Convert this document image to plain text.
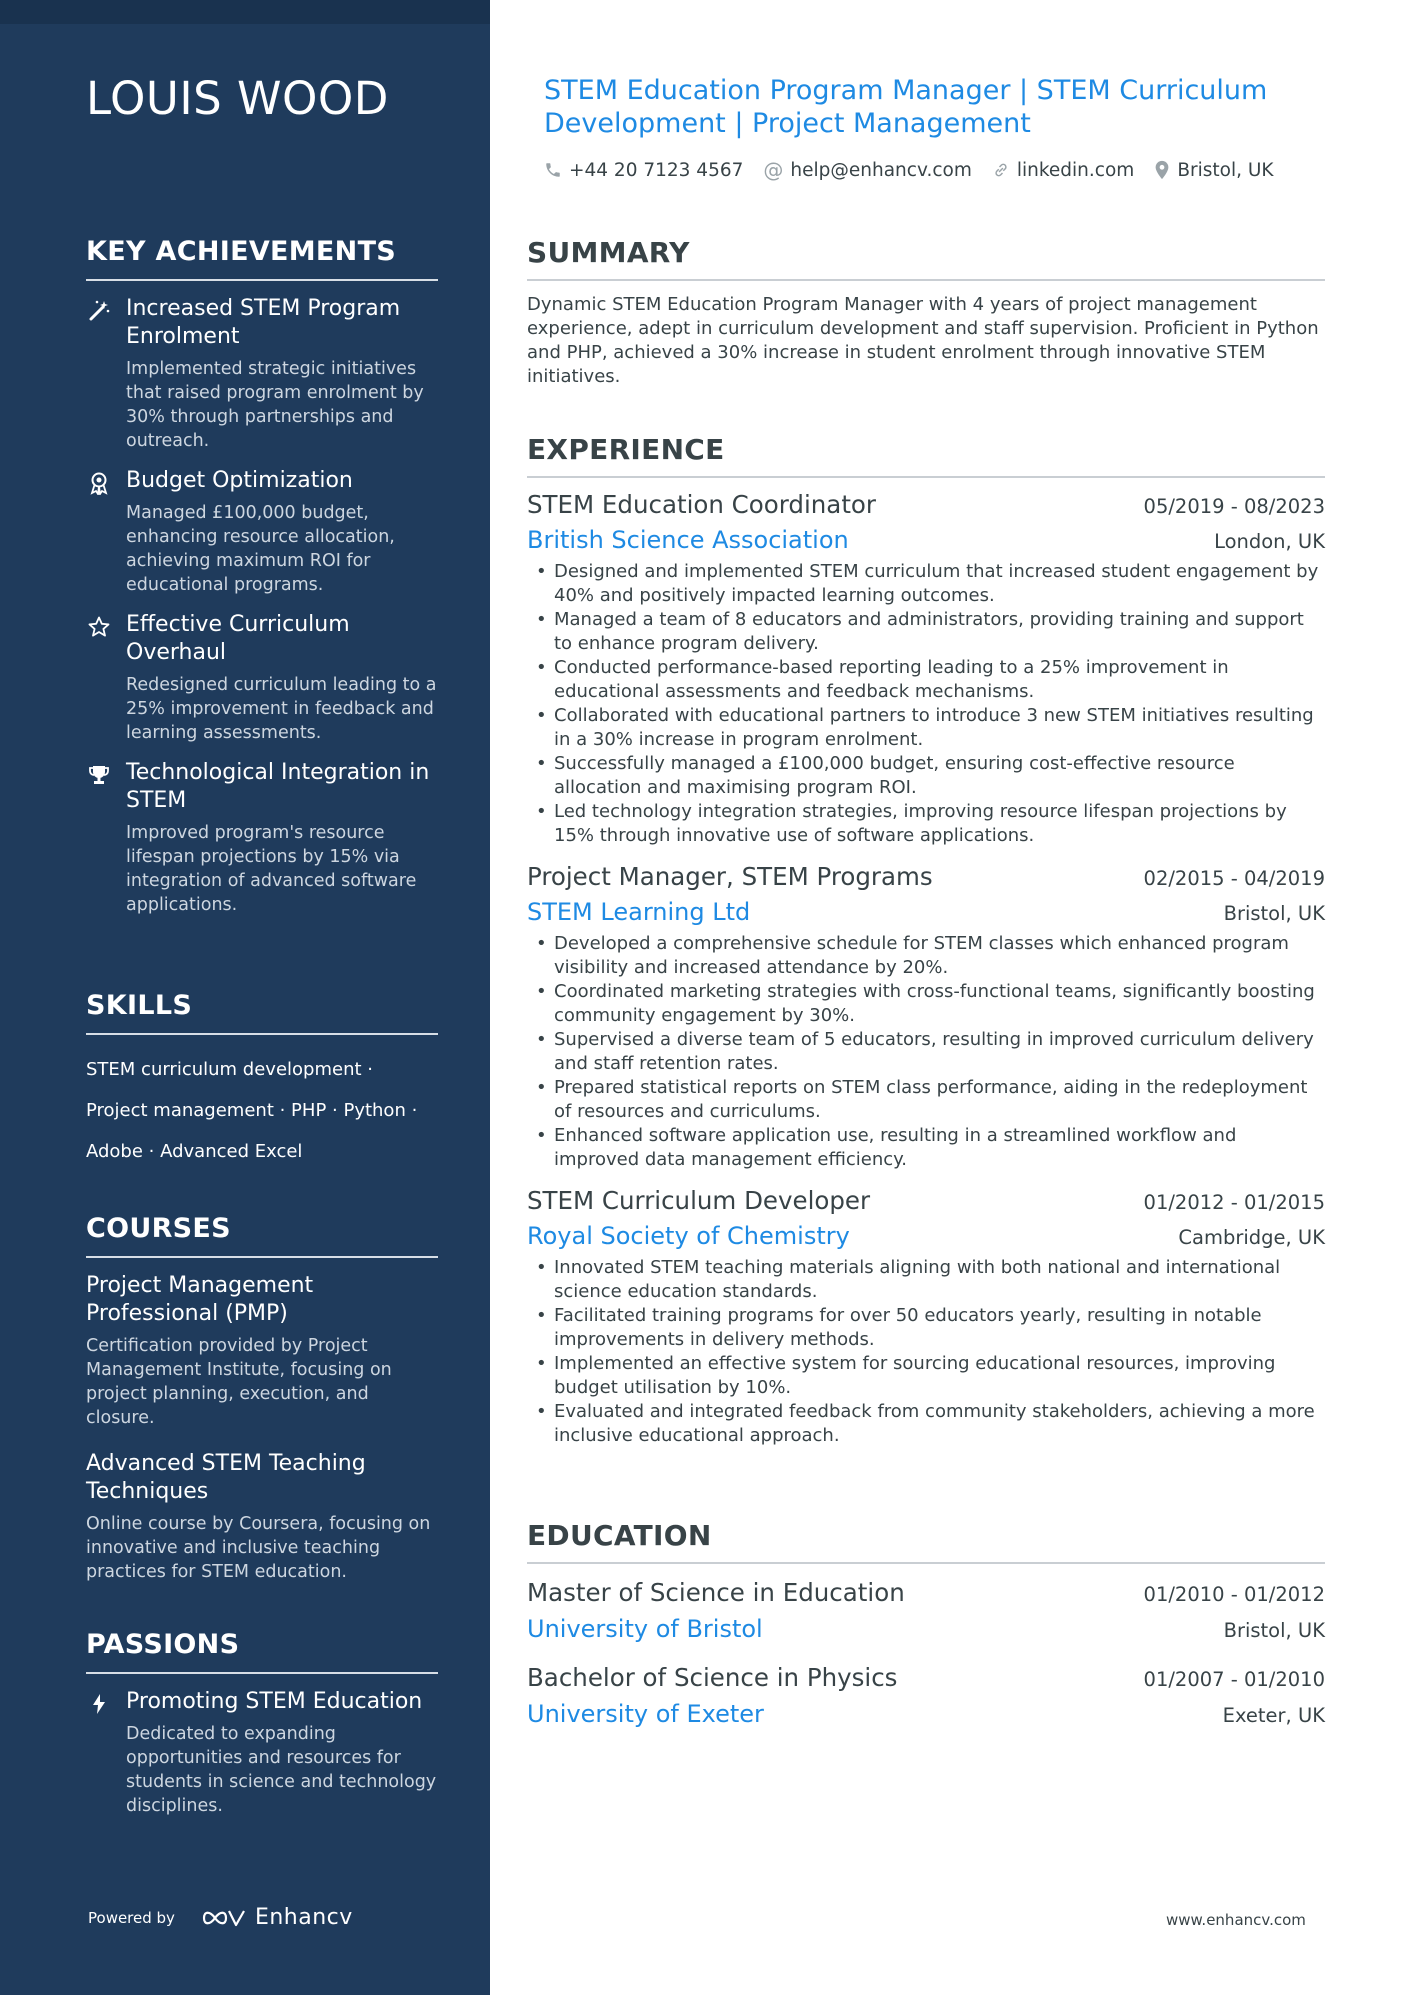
LOUIS WOOD
KEY ACHIEVEMENTS
Increased STEM Program Enrolment
Implemented strategic initiatives that raised program enrolment by 30% through partnerships and outreach.
Budget Optimization
Managed £100,000 budget, enhancing resource allocation, achieving maximum ROI for educational programs.
Effective Curriculum Overhaul
Redesigned curriculum leading to a 25% improvement in feedback and learning assessments.
Technological Integration in STEM
Improved program's resource lifespan projections by 15% via integration of advanced software applications.
SKILLS
STEM curriculum development ·
Project management · PHP · Python ·
Adobe · Advanced Excel
COURSES
Project Management Professional (PMP)
Certification provided by Project Management Institute, focusing on project planning, execution, and closure.
Advanced STEM Teaching Techniques
Online course by Coursera, focusing on innovative and inclusive teaching practices for STEM education.
PASSIONS
Promoting STEM Education
Dedicated to expanding opportunities and resources for students in science and technology disciplines.
Powered by	Enhancv
STEM Education Program Manager | STEM Curriculum Development | Project Management
+44 20 7123 4567 @ help@enhancv.com linkedin.com Bristol, UK
SUMMARY

Dynamic STEM Education Program Manager with 4 years of project management experience, adept in curriculum development and staff supervision. Proficient in Python and PHP, achieved a 30% increase in student enrolment through innovative STEM initiatives.

EXPERIENCE
STEM Education Coordinator	05/2019 - 08/2023
British Science Association	London, UK
• Designed and implemented STEM curriculum that increased student engagement by 40% and positively impacted learning outcomes.
• Managed a team of 8 educators and administrators, providing training and support to enhance program delivery.
• Conducted performance-based reporting leading to a 25% improvement in educational assessments and feedback mechanisms.
• Collaborated with educational partners to introduce 3 new STEM initiatives resulting in a 30% increase in program enrolment.
• Successfully managed a £100,000 budget, ensuring cost-effective resource allocation and maximising program ROI.
• Led technology integration strategies, improving resource lifespan projections by 15% through innovative use of software applications.
Project Manager, STEM Programs	02/2015 - 04/2019
STEM Learning Ltd	Bristol, UK
• Developed a comprehensive schedule for STEM classes which enhanced program visibility and increased attendance by 20%.
• Coordinated marketing strategies with cross-functional teams, significantly boosting community engagement by 30%.
• Supervised a diverse team of 5 educators, resulting in improved curriculum delivery and staff retention rates.
• Prepared statistical reports on STEM class performance, aiding in the redeployment of resources and curriculums.
• Enhanced software application use, resulting in a streamlined workflow and improved data management efficiency.
STEM Curriculum Developer	01/2012 - 01/2015
Royal Society of Chemistry	Cambridge, UK
• Innovated STEM teaching materials aligning with both national and international science education standards.
• Facilitated training programs for over 50 educators yearly, resulting in notable improvements in delivery methods.
• Implemented an effective system for sourcing educational resources, improving budget utilisation by 10%.
• Evaluated and integrated feedback from community stakeholders, achieving a more inclusive educational approach.
EDUCATION
Master of Science in Education	01/2010 - 01/2012
University of Bristol	Bristol, UK
Bachelor of Science in Physics	01/2007 - 01/2010
University of Exeter	Exeter, UK
www.enhancv.com
